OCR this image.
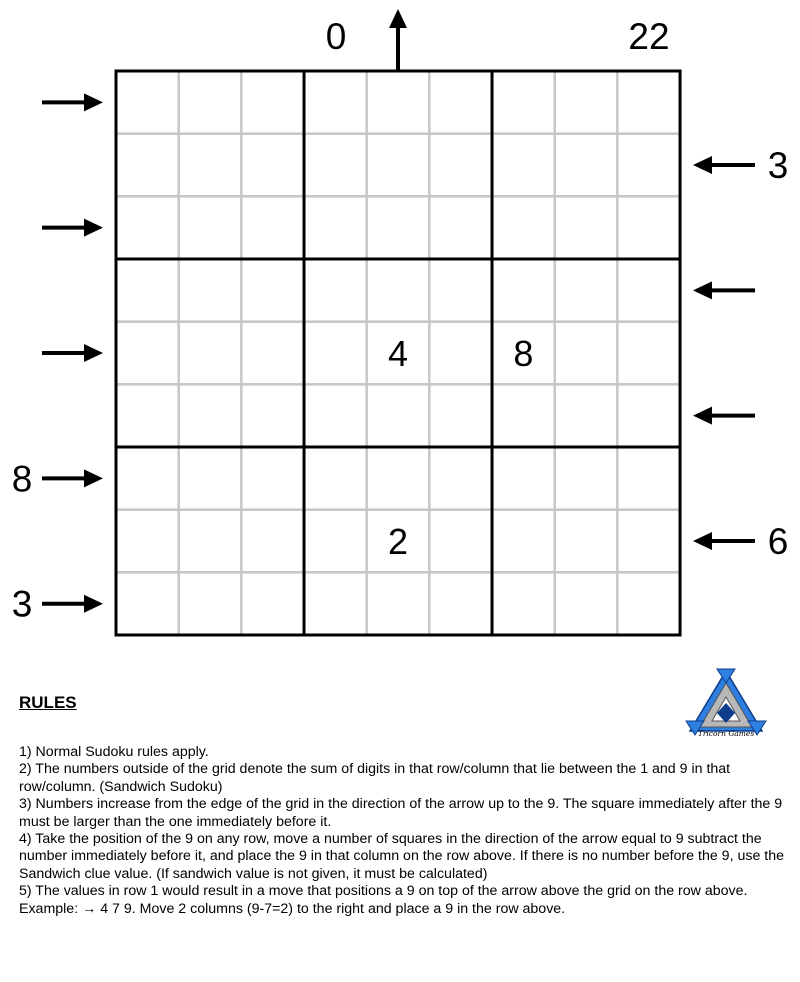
4	8
2
0	22
8
3
3
6
RULES

1) Normal Sudoku rules apply.

2) The numbers outside of the grid denote the sum of digits in that row/column that lie between the 1 and 9 in that row/column. (Sandwich Sudoku)

3) Numbers increase from the edge of the grid in the direction of the arrow up to the 9. The square immediately after the 9 must be larger than the one immediately before it.

4) Take the position of the 9 on any row, move a number of squares in the direction of the arrow equal to 9 subtract the number immediately before it, and place the 9 in that column on the row above. If there is no number before the 9, use the Sandwich clue value. (If sandwich value is not given, it must be calculated)

5) The values in row 1 would result in a move that positions a 9 on top of the arrow above the grid on the row above.

Example: → 4 7 9. Move 2 columns (9-7=2) to the right and place a 9 in the row above.

Tricorn Games
